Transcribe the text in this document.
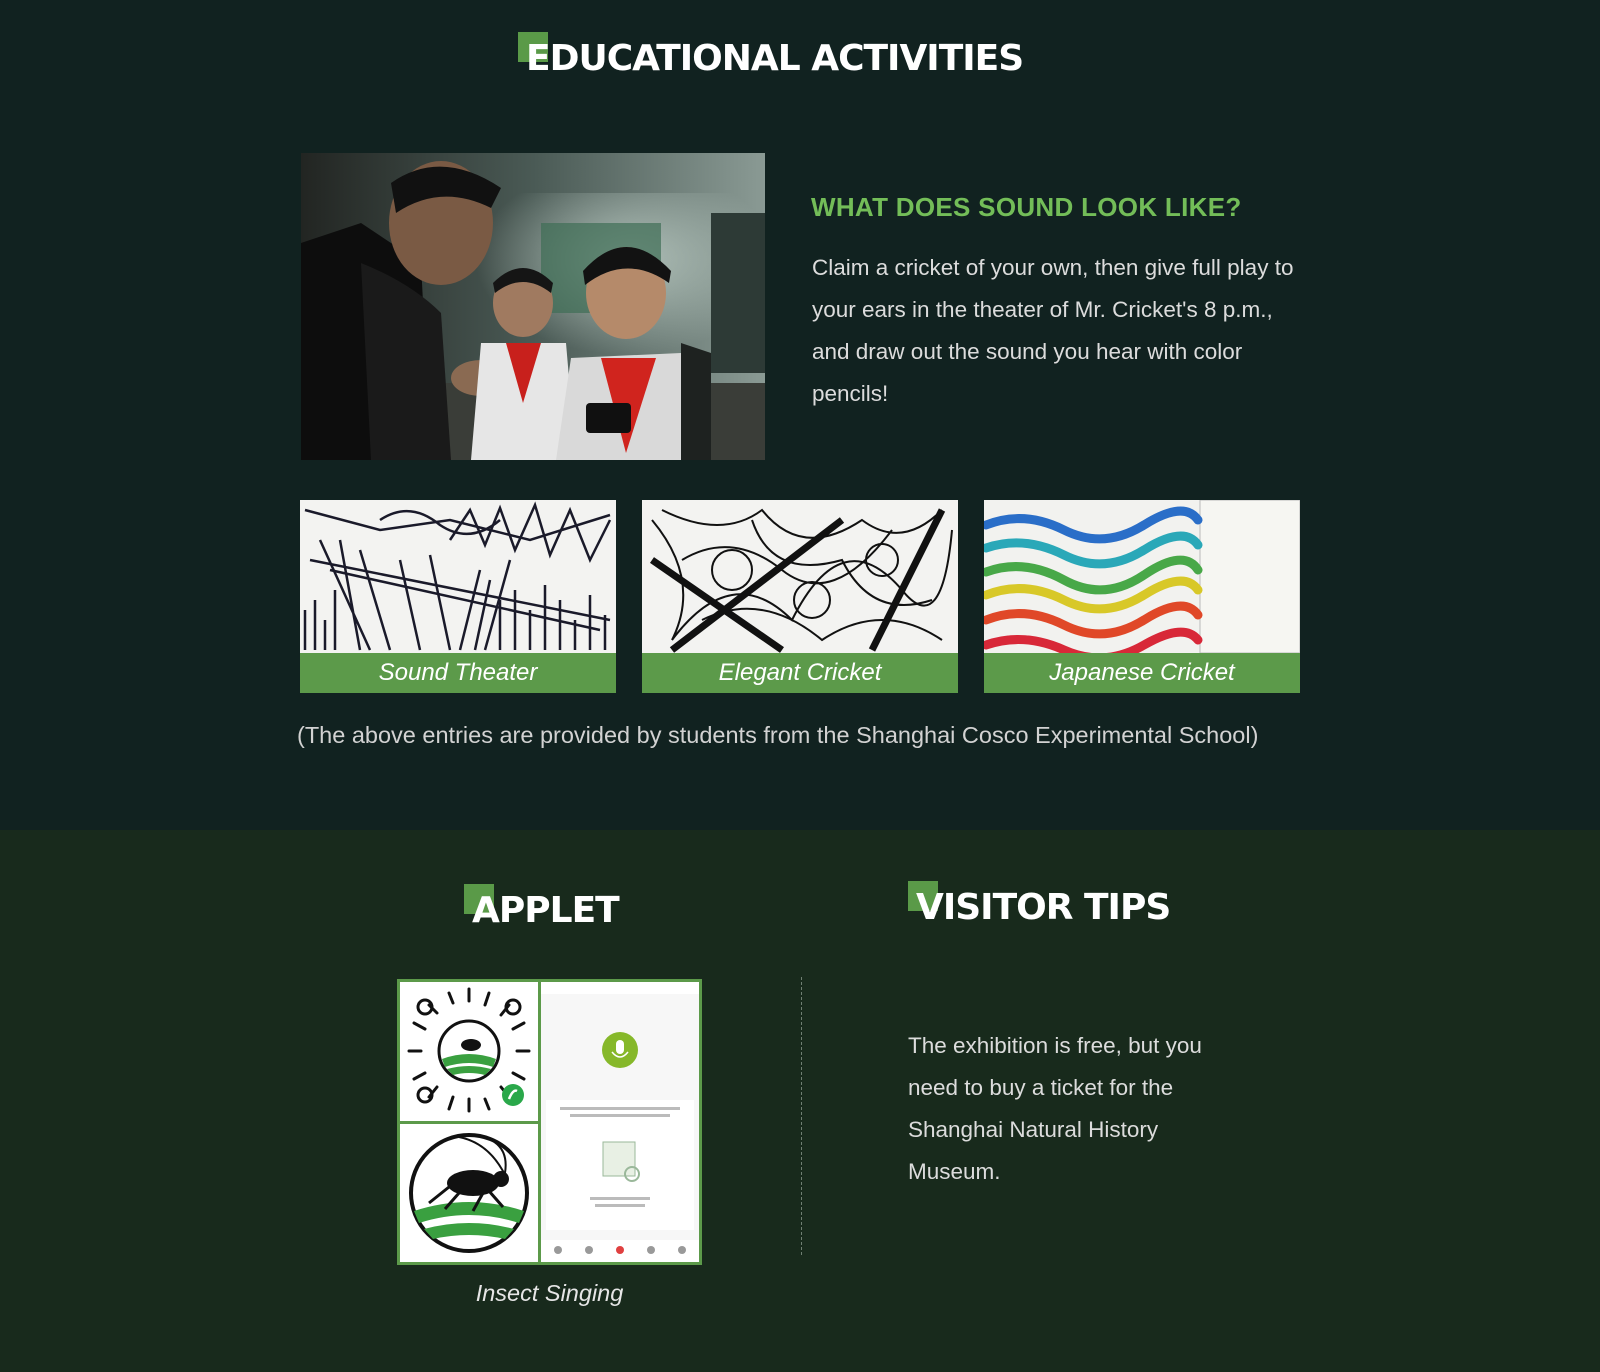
EDUCATIONAL ACTIVITIES
WHAT DOES SOUND LOOK LIKE?
Claim a cricket of your own, then give full play to your ears in the theater of Mr. Cricket's 8 p.m., and draw out the sound you hear with color pencils!
Sound Theater	Elegant Cricket	Japanese Cricket
(The above entries are provided by students from the Shanghai Cosco Experimental School)
APPLET	VISITOR TIPS
Insect Singing
The exhibition is free, but you need to buy a ticket for the Shanghai Natural History Museum.
